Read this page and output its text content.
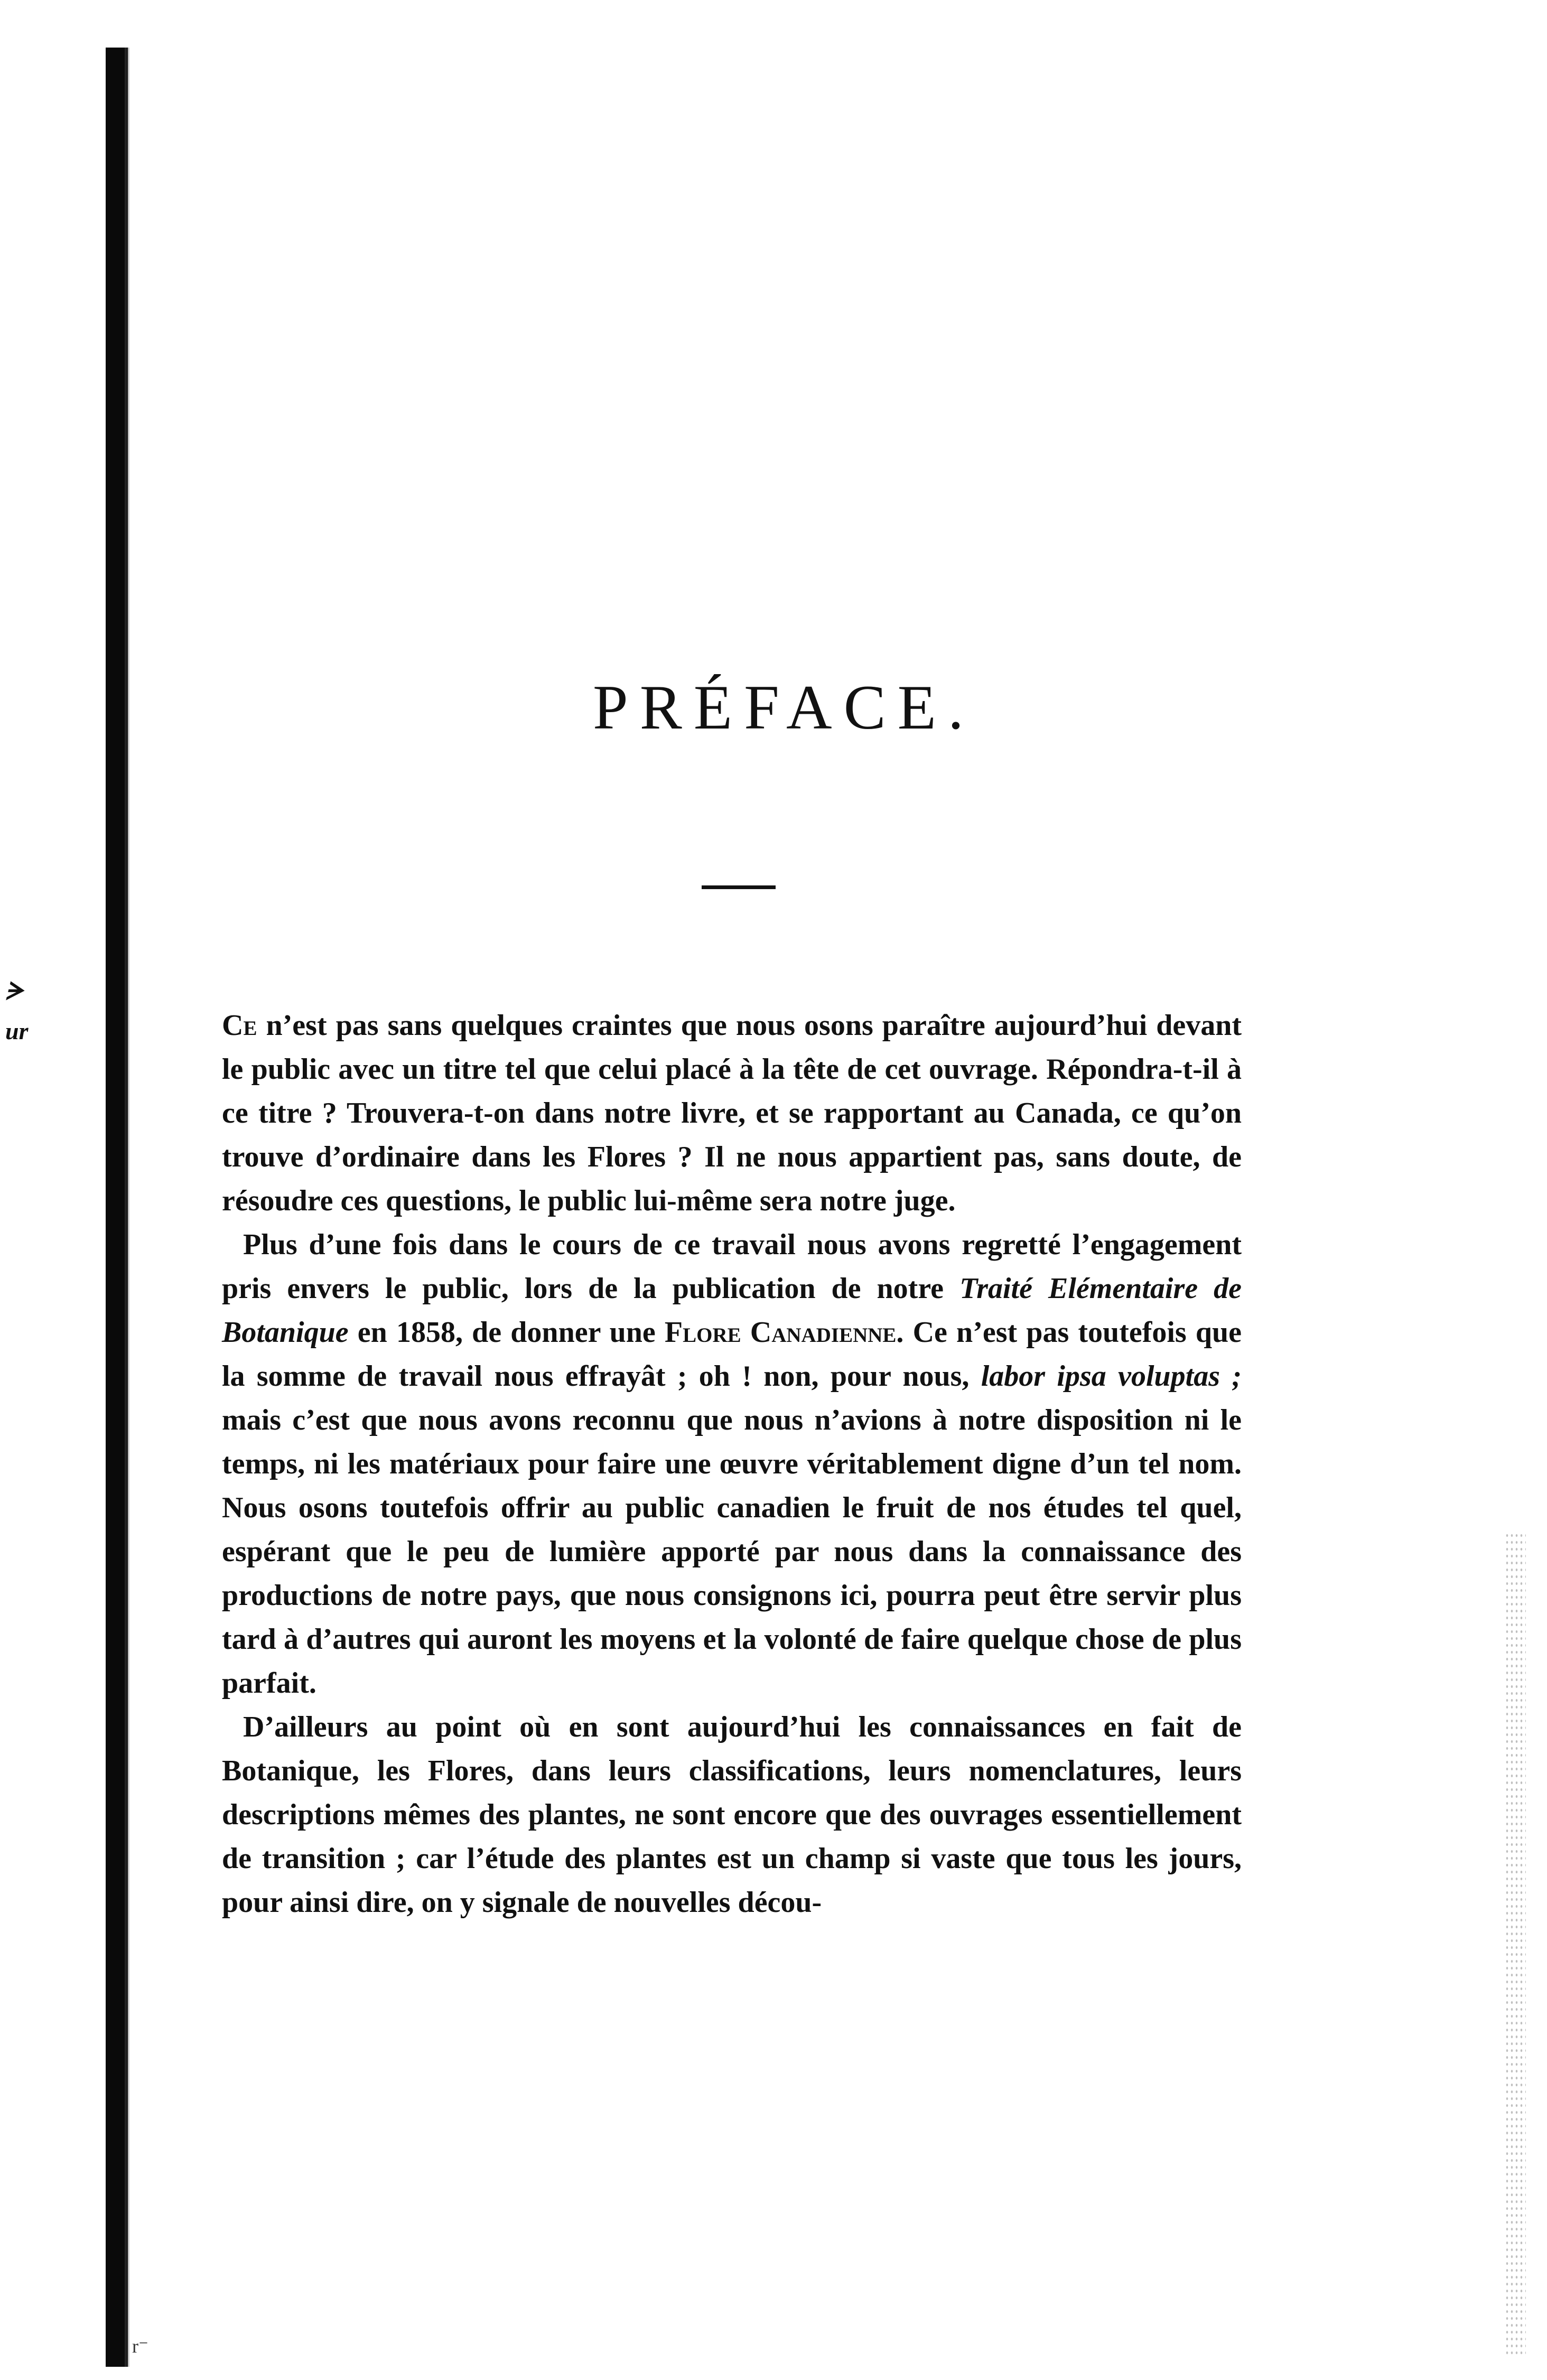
ᗒ
ur
PRÉFACE.

Ce n’est pas sans quelques craintes que nous osons paraître aujourd’hui devant le public avec un titre tel que celui placé à la tête de cet ouvrage. Répondra-t-il à ce titre ? Trouvera-t-on dans notre livre, et se rapportant au Canada, ce qu’on trouve d’ordinaire dans les Flores ? Il ne nous appartient pas, sans doute, de résoudre ces questions, le public lui-même sera notre juge.

Plus d’une fois dans le cours de ce travail nous avons regretté l’engagement pris envers le public, lors de la publication de notre Traité Elémentaire de Botanique en 1858, de donner une Flore Canadienne. Ce n’est pas toutefois que la somme de travail nous effrayât ; oh ! non, pour nous, labor ipsa voluptas ; mais c’est que nous avons reconnu que nous n’avions à notre disposition ni le temps, ni les matériaux pour faire une œuvre véritablement digne d’un tel nom. Nous osons toutefois offrir au public canadien le fruit de nos études tel quel, espérant que le peu de lumière apporté par nous dans la connaissance des productions de notre pays, que nous consignons ici, pourra peut être servir plus tard à d’autres qui auront les moyens et la volonté de faire quelque chose de plus parfait.

D’ailleurs au point où en sont aujourd’hui les connaissances en fait de Botanique, les Flores, dans leurs classifications, leurs nomenclatures, leurs descriptions mêmes des plantes, ne sont encore que des ouvrages essentiellement de transition ; car l’étude des plantes est un champ si vaste que tous les jours, pour ainsi dire, on y signale de nouvelles décou-

r⁻
